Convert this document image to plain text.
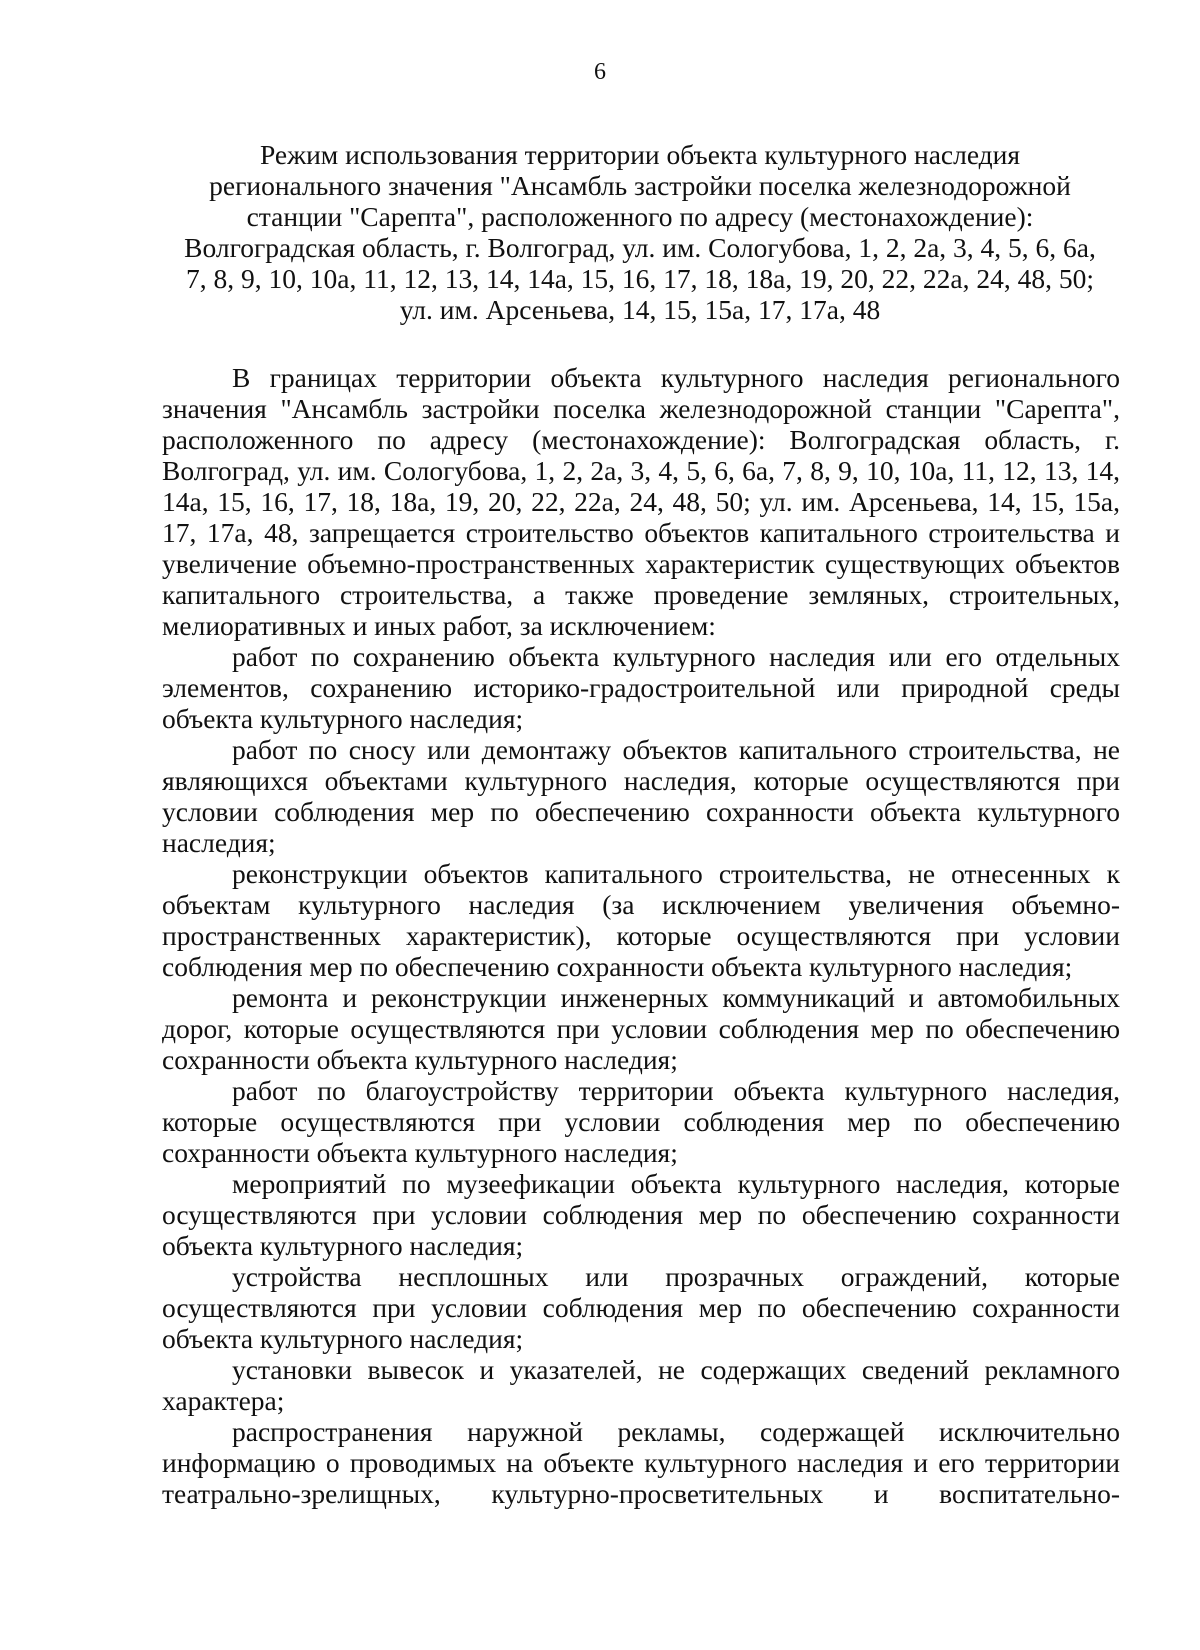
6
Режим использования территории объекта культурного наследия
регионального значения "Ансамбль застройки поселка железнодорожной
станции "Сарепта", расположенного по адресу (местонахождение):
Волгоградская область, г. Волгоград, ул. им. Сологубова, 1, 2, 2а, 3, 4, 5, 6, 6а,
7, 8, 9, 10, 10а, 11, 12, 13, 14, 14а, 15, 16, 17, 18, 18а, 19, 20, 22, 22а, 24, 48, 50;
ул. им. Арсеньева, 14, 15, 15а, 17, 17а, 48

В границах территории объекта культурного наследия регионального значения "Ансамбль застройки поселка железнодорожной станции "Сарепта", расположенного по адресу (местонахождение): Волгоградская область, г. Волгоград, ул. им. Сологубова, 1, 2, 2а, 3, 4, 5, 6, 6а, 7, 8, 9, 10, 10а, 11, 12, 13, 14, 14а, 15, 16, 17, 18, 18а, 19, 20, 22, 22а, 24, 48, 50; ул. им. Арсеньева, 14, 15, 15а, 17, 17а, 48, запрещается строительство объектов капитального строительства и увеличение объемно-пространственных характеристик существующих объектов капитального строительства, а также проведение земляных, строительных, мелиоративных и иных работ, за исключением:

работ по сохранению объекта культурного наследия или его отдельных элементов, сохранению историко-градостроительной или природной среды объекта культурного наследия;

работ по сносу или демонтажу объектов капитального строительства, не являющихся объектами культурного наследия, которые осуществляются при условии соблюдения мер по обеспечению сохранности объекта культурного наследия;

реконструкции объектов капитального строительства, не отнесенных к объектам культурного наследия (за исключением увеличения объемно-пространственных характеристик), которые осуществляются при условии соблюдения мер по обеспечению сохранности объекта культурного наследия;

ремонта и реконструкции инженерных коммуникаций и автомобильных дорог, которые осуществляются при условии соблюдения мер по обеспечению сохранности объекта культурного наследия;

работ по благоустройству территории объекта культурного наследия, которые осуществляются при условии соблюдения мер по обеспечению сохранности объекта культурного наследия;

мероприятий по музеефикации объекта культурного наследия, которые осуществляются при условии соблюдения мер по обеспечению сохранности объекта культурного наследия;

устройства несплошных или прозрачных ограждений, которые осуществляются при условии соблюдения мер по обеспечению сохранности объекта культурного наследия;

установки вывесок и указателей, не содержащих сведений рекламного характера;

распространения наружной рекламы, содержащей исключительно информацию о проводимых на объекте культурного наследия и его территории театрально-зрелищных, культурно-просветительных и воспитательно-
